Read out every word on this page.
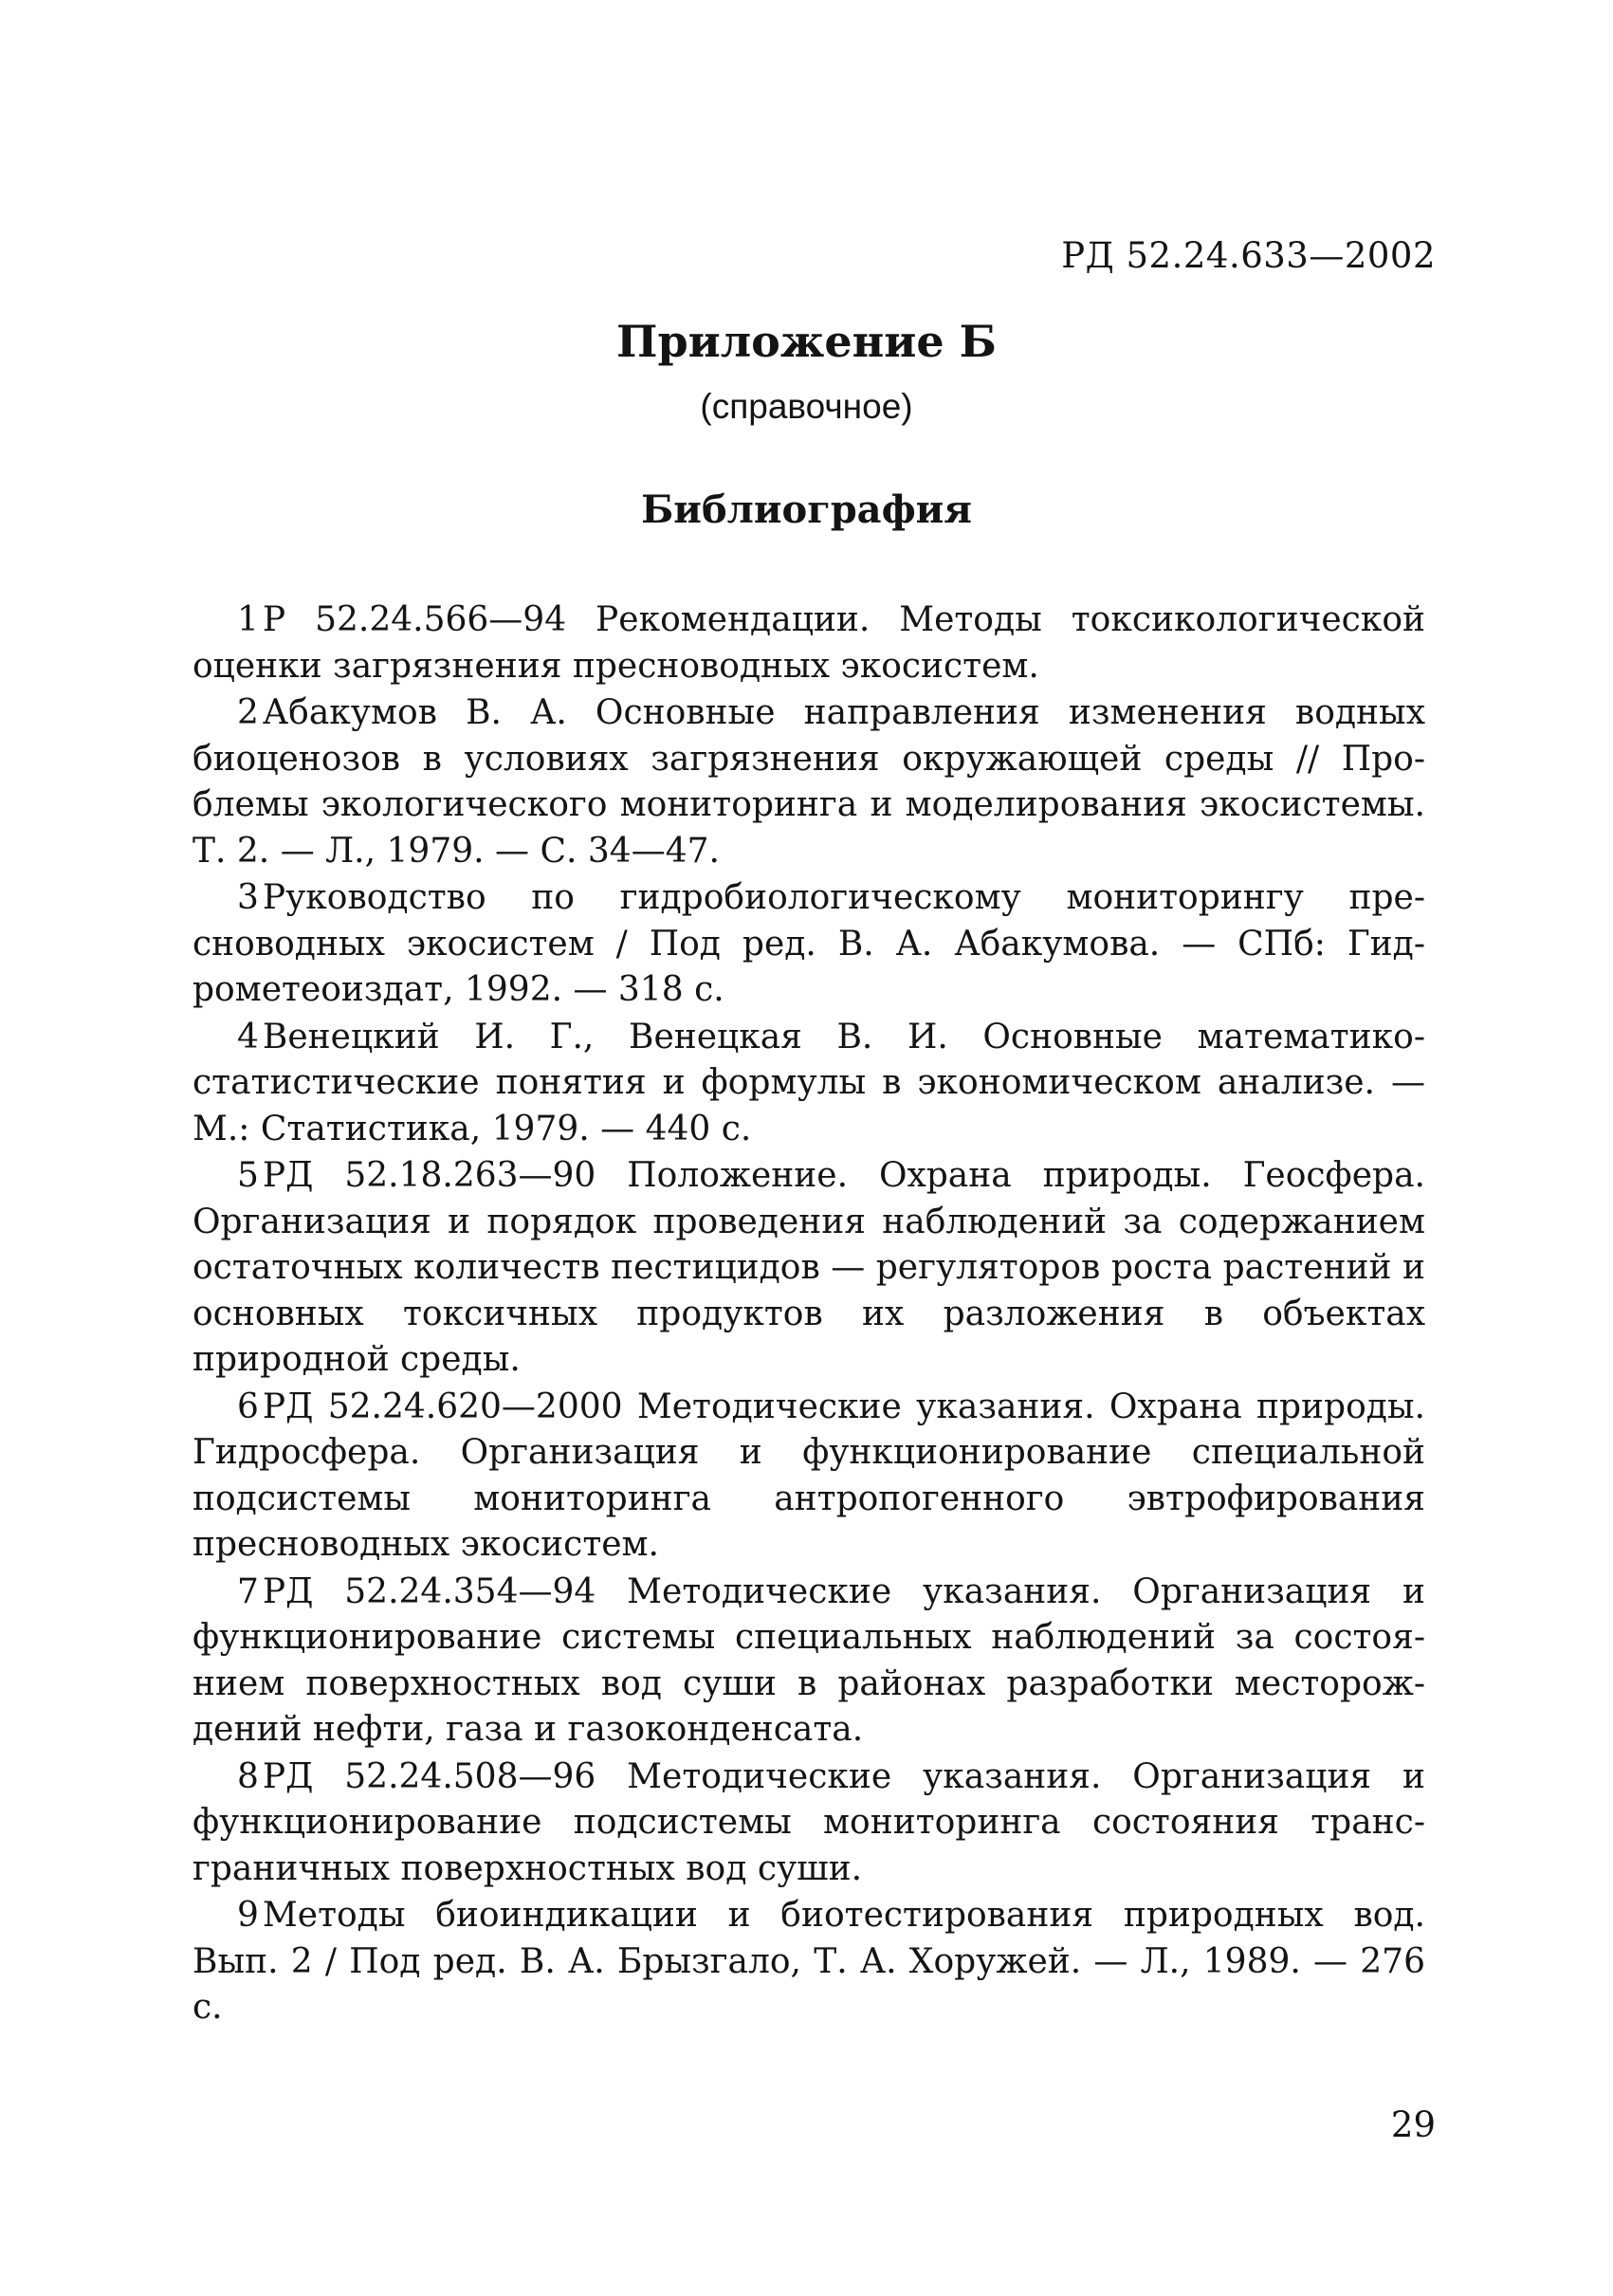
РД 52.24.633—2002
Приложение Б
(справочное)
Библиография
1 Р 52.24.566—94 Рекомендации. Методы токсикологической оценки загрязнения пресноводных экосистем.
2 Абакумов В. А. Основные направления изменения водных биоценозов в условиях загрязнения окружающей среды // Проблемы экологического мониторинга и моделирования экосистемы. Т. 2. — Л., 1979. — С. 34—47.
3 Руководство по гидробиологическому мониторингу пресноводных экосистем / Под ред. В. А. Абакумова. — СПб: Гидрометеоиздат, 1992. — 318 с.
4 Венецкий И. Г., Венецкая В. И. Основные математико-статистические понятия и формулы в экономическом анализе. — М.: Статистика, 1979. — 440 с.
5 РД 52.18.263—90 Положение. Охрана природы. Геосфера. Организация и порядок проведения наблюдений за содержанием остаточных количеств пестицидов — регуляторов роста растений и основных токсичных продуктов их разложения в объектах природной среды.
6 РД 52.24.620—2000 Методические указания. Охрана природы. Гидросфера. Организация и функционирование специальной подсистемы мониторинга антропогенного эвтрофирования пресноводных экосистем.
7 РД 52.24.354—94 Методические указания. Организация и функционирование системы специальных наблюдений за состоянием поверхностных вод суши в районах разработки месторождений нефти, газа и газоконденсата.
8 РД 52.24.508—96 Методические указания. Организация и функционирование подсистемы мониторинга состояния трансграничных поверхностных вод суши.
9 Методы биоиндикации и биотестирования природных вод. Вып. 2 / Под ред. В. А. Брызгало, Т. А. Хоружей. — Л., 1989. — 276 с.
29
